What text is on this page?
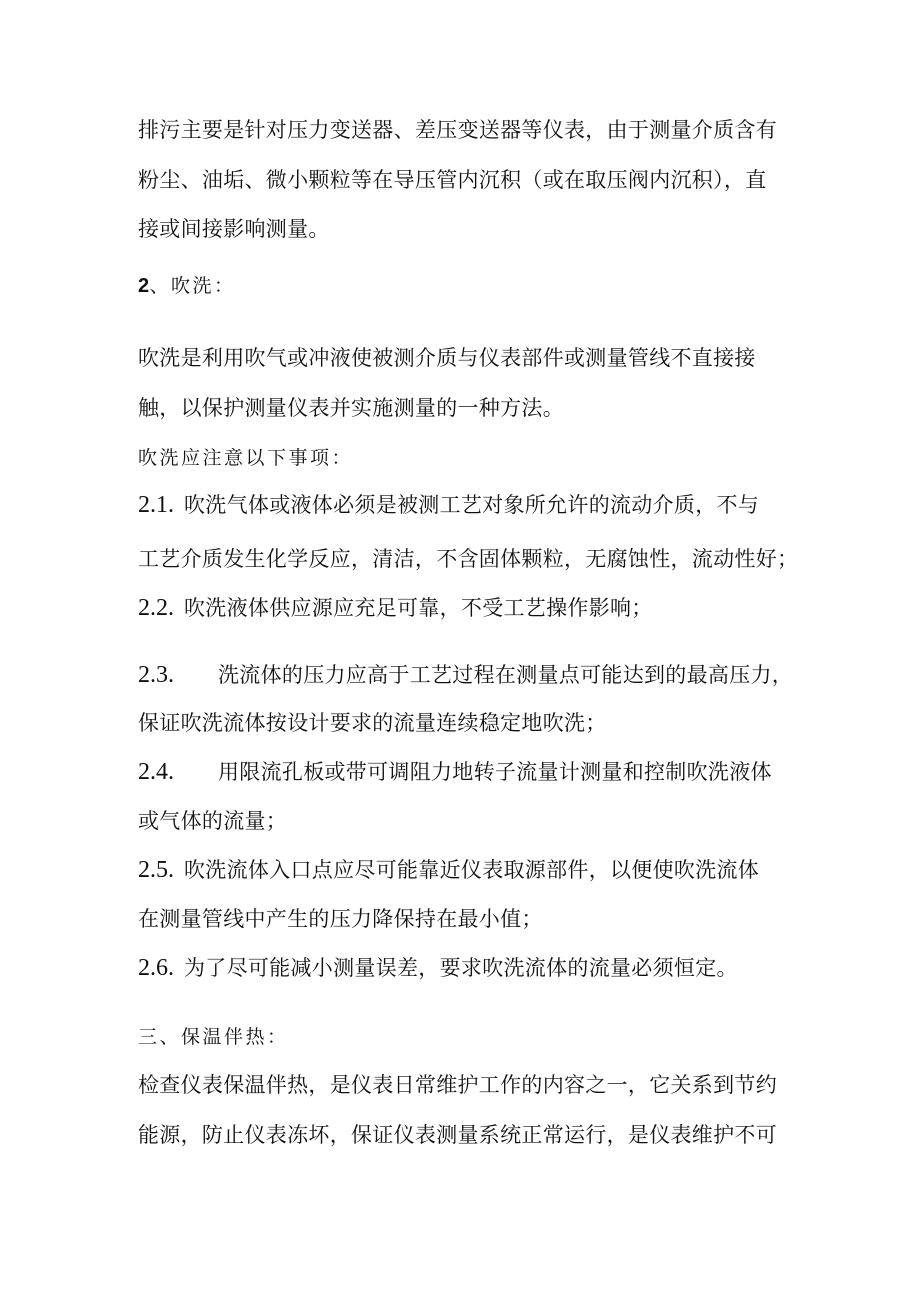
排污主要是针对压力变送器、差压变送器等仪表，由于测量介质含有
粉尘、油垢、微小颗粒等在导压管内沉积（或在取压阀内沉积），直
接或间接影响测量。
2、吹洗：
吹洗是利用吹气或冲液使被测介质与仪表部件或测量管线不直接接
触，以保护测量仪表并实施测量的一种方法。
吹洗应注意以下事项：
2.1. 吹洗气体或液体必须是被测工艺对象所允许的流动介质，不与
工艺介质发生化学反应，清洁，不含固体颗粒，无腐蚀性，流动性好；
2.2. 吹洗液体供应源应充足可靠，不受工艺操作影响；
2.3. 洗流体的压力应高于工艺过程在测量点可能达到的最高压力，
保证吹洗流体按设计要求的流量连续稳定地吹洗；
2.4. 用限流孔板或带可调阻力地转子流量计测量和控制吹洗液体
或气体的流量；
2.5. 吹洗流体入口点应尽可能靠近仪表取源部件，以便使吹洗流体
在测量管线中产生的压力降保持在最小值；
2.6. 为了尽可能减小测量误差，要求吹洗流体的流量必须恒定。
三、保温伴热：
检查仪表保温伴热，是仪表日常维护工作的内容之一，它关系到节约
能源，防止仪表冻坏，保证仪表测量系统正常运行，是仪表维护不可
